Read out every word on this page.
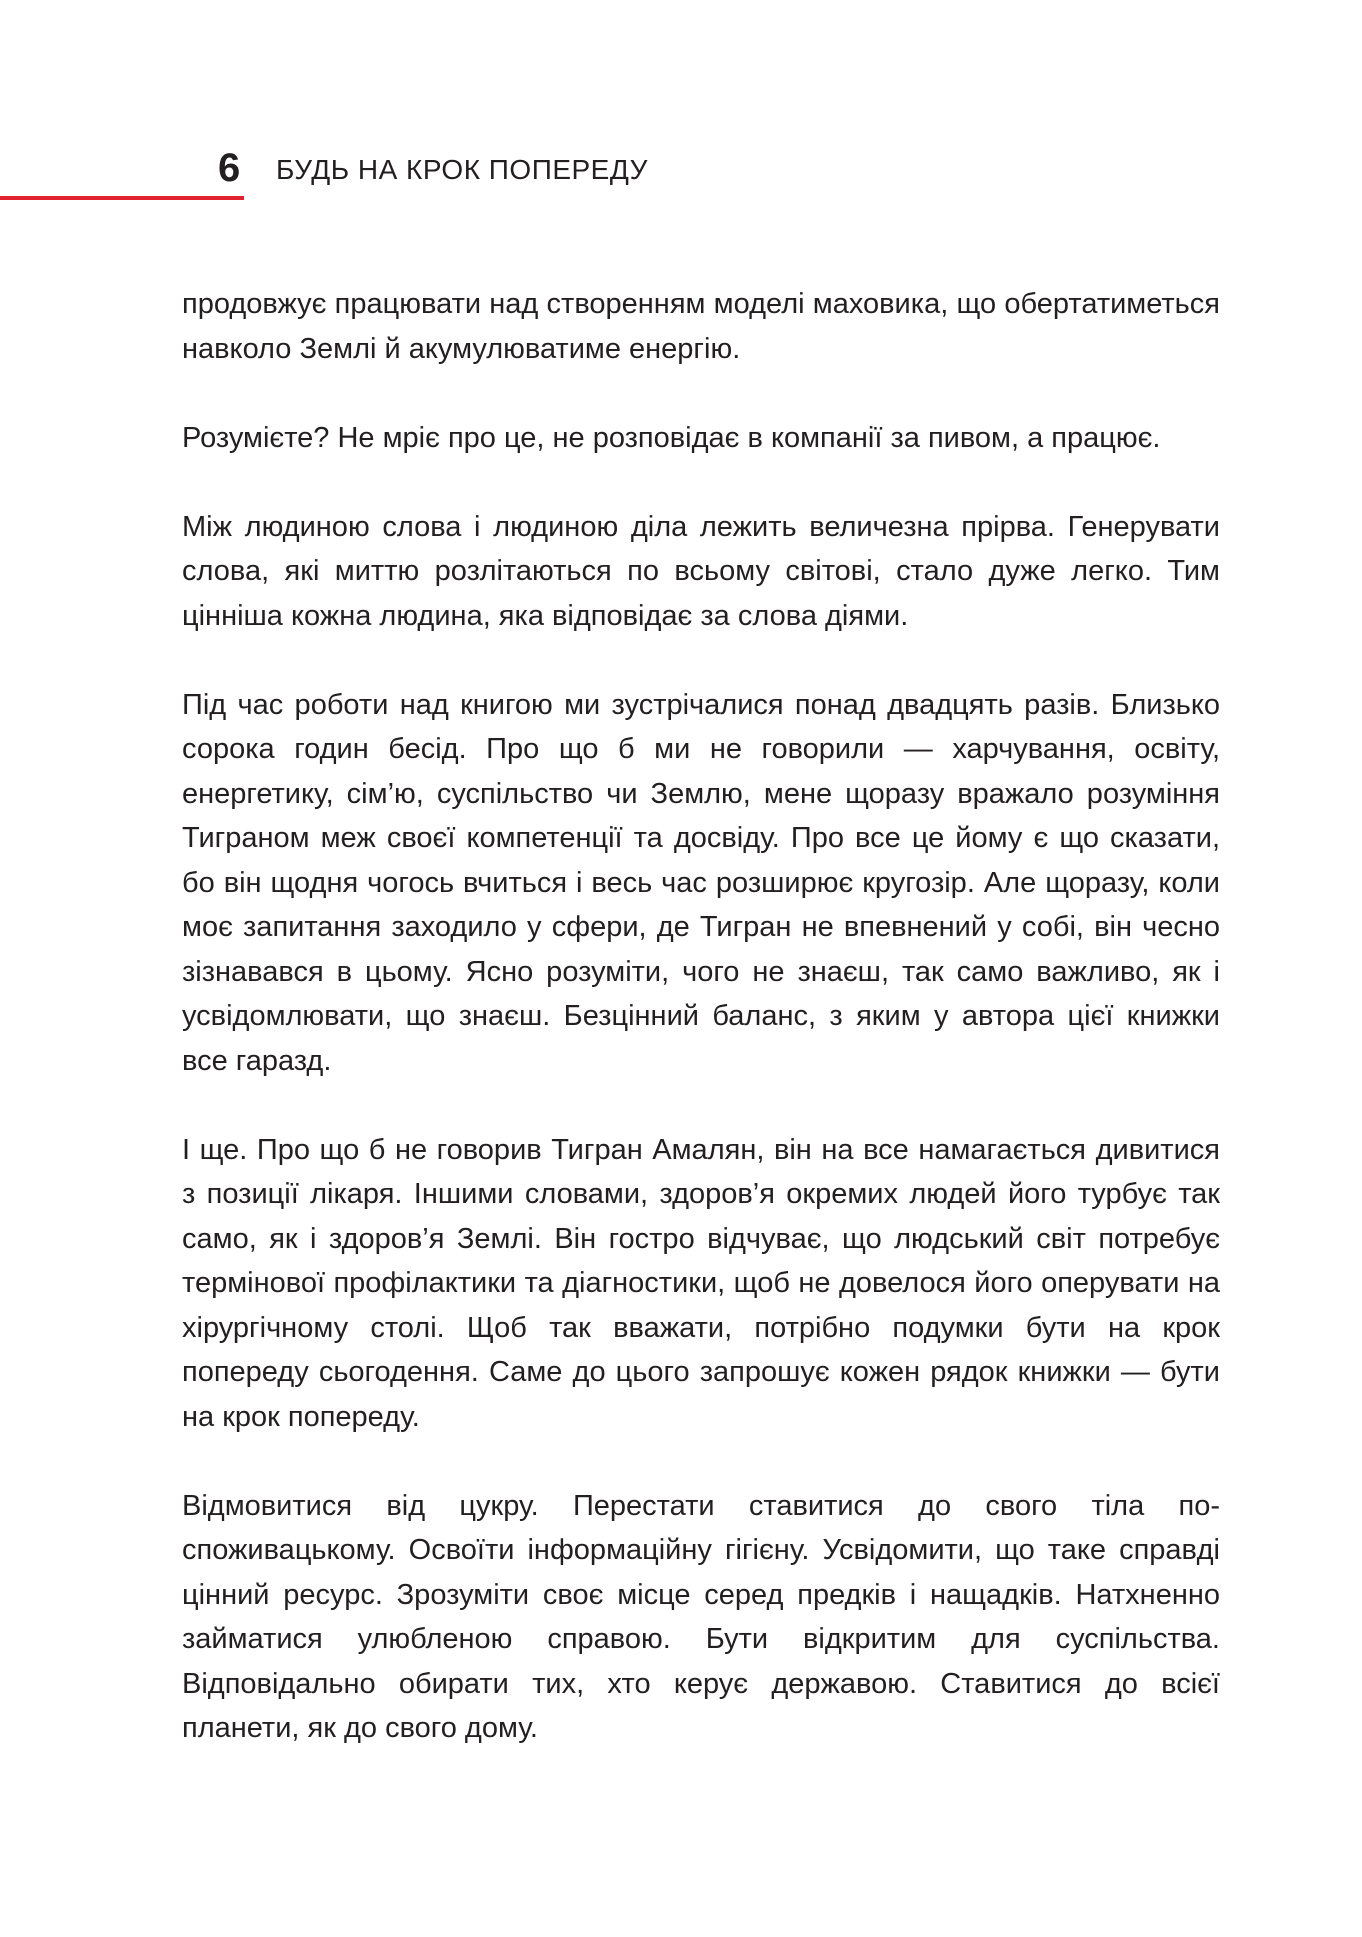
6 БУДЬ НА КРОК ПОПЕРЕДУ

продовжує працювати над створенням моделі маховика, що обертатиметься навколо Землі й акумулюватиме енергію.

Розумієте? Не мріє про це, не розповідає в компанії за пивом, а працює.

Між людиною слова і людиною діла лежить величезна прірва. Генерувати слова, які миттю розлітаються по всьому світові, стало дуже легко. Тим ціннішa кожна людина, яка відповідає за слова діями.

Під час роботи над книгою ми зустрічалися понад двадцять разів. Близько сорока годин бесід. Про що б ми не говорили — харчування, освіту, енергетику, сім’ю, суспільство чи Землю, мене щоразу вражало розуміння Тиграном меж своєї компетенції та досвіду. Про все це йому є що сказати, бо він щодня чогось вчиться і весь час розширює кругозір. Але щоразу, коли моє запитання заходило у сфери, де Тигран не впевнений у собі, він чесно зізнавався в цьому. Ясно розуміти, чого не знаєш, так само важливо, як і усвідомлювати, що знаєш. Безцінний баланс, з яким у автора цієї книжки все гаразд.

І ще. Про що б не говорив Тигран Амалян, він на все намагається дивитися з позиції лікаря. Іншими словами, здоров’я окремих людей його турбує так само, як і здоров’я Землі. Він гостро відчуває, що людський світ потребує термінової профілактики та діагностики, щоб не довелося його оперувати на хірургічному столі. Щоб так вважати, потрібно подумки бути на крок попереду сьогодення. Саме до цього запрошує кожен рядок книжки — бути на крок попереду.

Відмовитися від цукру. Перестати ставитися до свого тіла по-споживацькому. Освоїти інформаційну гігієну. Усвідомити, що таке справді цінний ресурс. Зрозуміти своє місце серед предків і нащадків. Натхненно займатися улюбленою справою. Бути відкритим для суспільства. Відповідально обирати тих, хто керує державою. Ставитися до всієї планети, як до свого дому.
